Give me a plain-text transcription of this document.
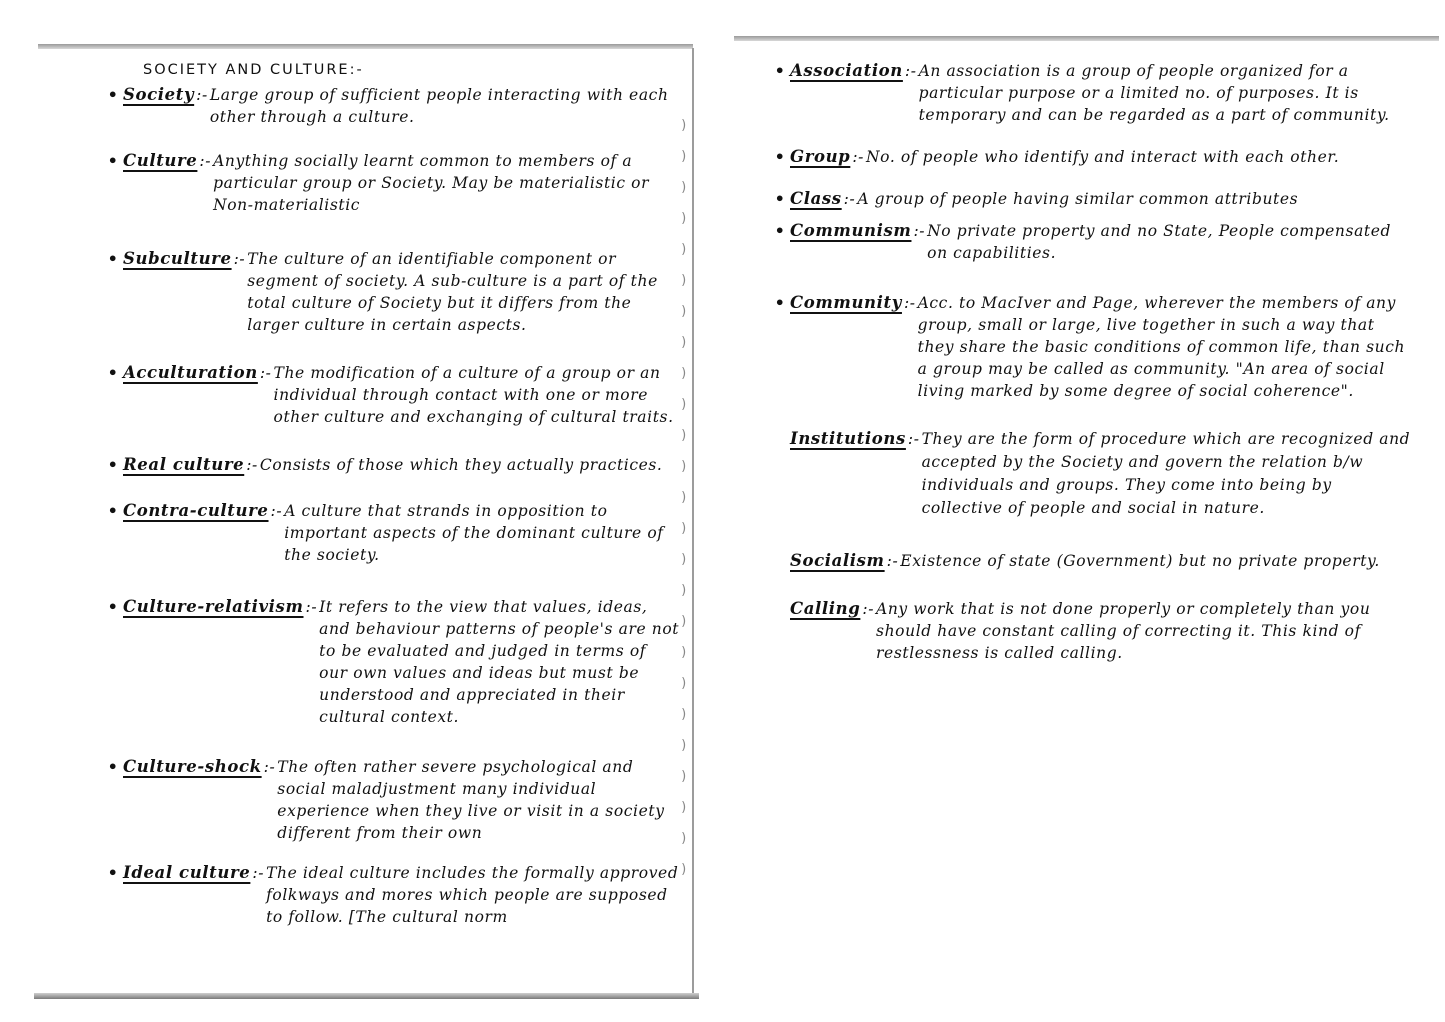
)
)
)
)
)
)
)
)
)
)
)
)
)
)
)
)
)
)
)
)
)
)
)
)
)
SOCIETY AND CULTURE:-
• Society :- Large group of sufficient people interacting with each other through a culture.
• Culture :- Anything socially learnt common to members of a particular group or Society. May be materialistic or Non-materialistic
• Subculture :- The culture of an identifiable component or segment of society. A sub-culture is a part of the total culture of Society but it differs from the larger culture in certain aspects.
• Acculturation :- The modification of a culture of a group or an individual through contact with one or more other culture and exchanging of cultural traits.
• Real culture :- Consists of those which they actually practices.
• Contra-culture :- A culture that strands in opposition to important aspects of the dominant culture of the society.
• Culture-relativism :- It refers to the view that values, ideas, and behaviour patterns of people's are not to be evaluated and judged in terms of our own values and ideas but must be understood and appreciated in their cultural context.
• Culture-shock :- The often rather severe psychological and social maladjustment many individual experience when they live or visit in a society different from their own
• Ideal culture :- The ideal culture includes the formally approved folkways and mores which people are supposed to follow. [The cultural norm
• Association :- An association is a group of people organized for a particular purpose or a limited no. of purposes. It is temporary and can be regarded as a part of community.
• Group :- No. of people who identify and interact with each other.
• Class :- A group of people having similar common attributes
• Communism :- No private property and no State, People compensated on capabilities.
• Community :- Acc. to MacIver and Page, wherever the members of any group, small or large, live together in such a way that they share the basic conditions of common life, than such a group may be called as community. "An area of social living marked by some degree of social coherence".
Institutions :- They are the form of procedure which are recognized and accepted by the Society and govern the relation b/w individuals and groups. They come into being by collective of people and social in nature.
Socialism :- Existence of state (Government) but no private property.
Calling :- Any work that is not done properly or completely than you should have constant calling of correcting it. This kind of restlessness is called calling.
